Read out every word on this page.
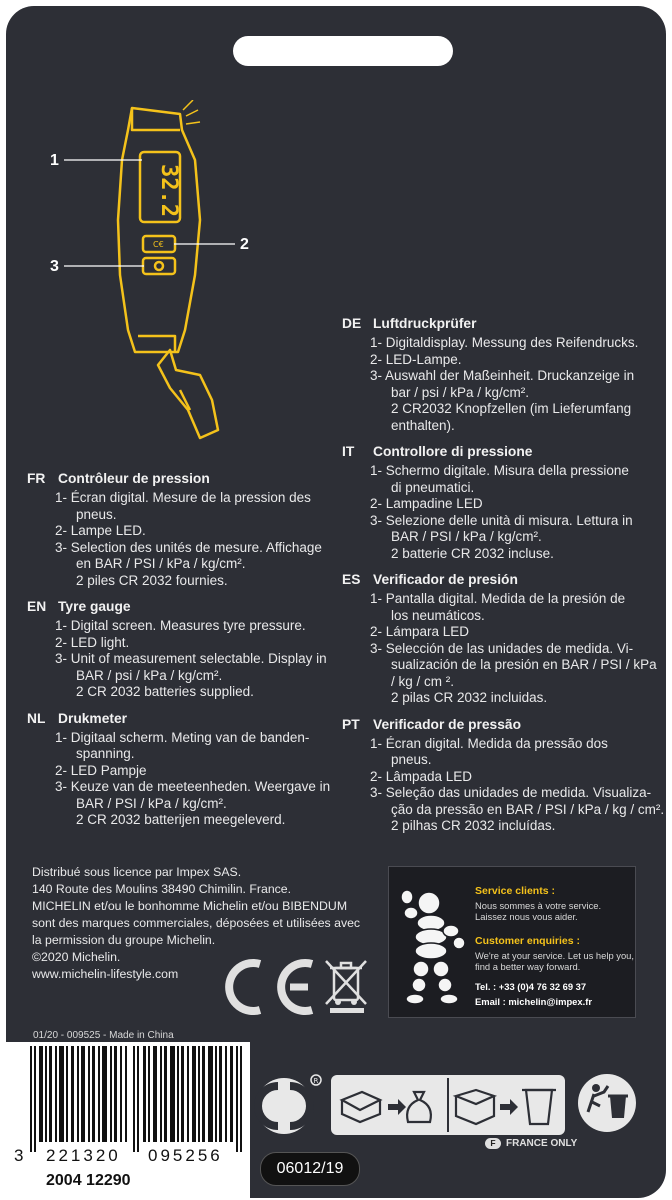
32.2
C€
1
2
3
DE Luftdruckprüfer
1- Digitaldisplay. Messung des Reifendrucks.
2- LED-Lampe.
3- Auswahl der Maßeinheit. Druckanzeige in
bar / psi / kPa / kg/cm².
2 CR2032 Knopfzellen (im Lieferumfang
enthalten).
IT Controllore di pressione
1- Schermo digitale. Misura della pressione
di pneumatici.
2- Lampadine LED
3- Selezione delle unità di misura. Lettura in
BAR / PSI / kPa / kg/cm².
2 batterie CR 2032 incluse.
ES Verificador de presión
1- Pantalla digital. Medida de la presión de
los neumáticos.
2- Lámpara LED
3- Selección de las unidades de medida. Vi-
sualización de la presión en BAR / PSI / kPa
/ kg / cm ².
2 pilas CR 2032 incluidas.
PT Verificador de pressão
1- Écran digital. Medida da pressão dos
pneus.
2- Lâmpada LED
3- Seleção das unidades de medida. Visualiza-
ção da pressão en BAR / PSI / kPa / kg / cm².
2 pilhas CR 2032 incluídas.
FR Contrôleur de pression
1- Écran digital. Mesure de la pression des
pneus.
2- Lampe LED.
3- Selection des unités de mesure. Affichage
en BAR / PSI / kPa / kg/cm².
2 piles CR 2032 fournies.
EN Tyre gauge
1- Digital screen. Measures tyre pressure.
2- LED light.
3- Unit of measurement selectable. Display in
BAR / psi / kPa / kg/cm².
2 CR 2032 batteries supplied.
NL Drukmeter
1- Digitaal scherm. Meting van de banden-
spanning.
2- LED Pampje
3- Keuze van de meeteenheden. Weergave in
BAR / PSI / kPa / kg/cm².
2 CR 2032 batterijen meegeleverd.
Distribué sous licence par Impex SAS.
140 Route des Moulins 38490 Chimilin. France.
MICHELIN et/ou le bonhomme Michelin et/ou BIBENDUM
sont des marques commerciales, déposées et utilisées avec
la permission du groupe Michelin.
©2020 Michelin.
www.michelin-lifestyle.com
Service clients :
Nous sommes à votre service.
Laissez nous vous aider.
Customer enquiries :
We're at your service. Let us help you,
find a better way forward.
Tel. : +33 (0)4 76 32 69 37
Email : michelin@impex.fr
01/20 - 009525 - Made in China
3 221320 095256
2004 12290
R
F	FRANCE ONLY
06012/19
